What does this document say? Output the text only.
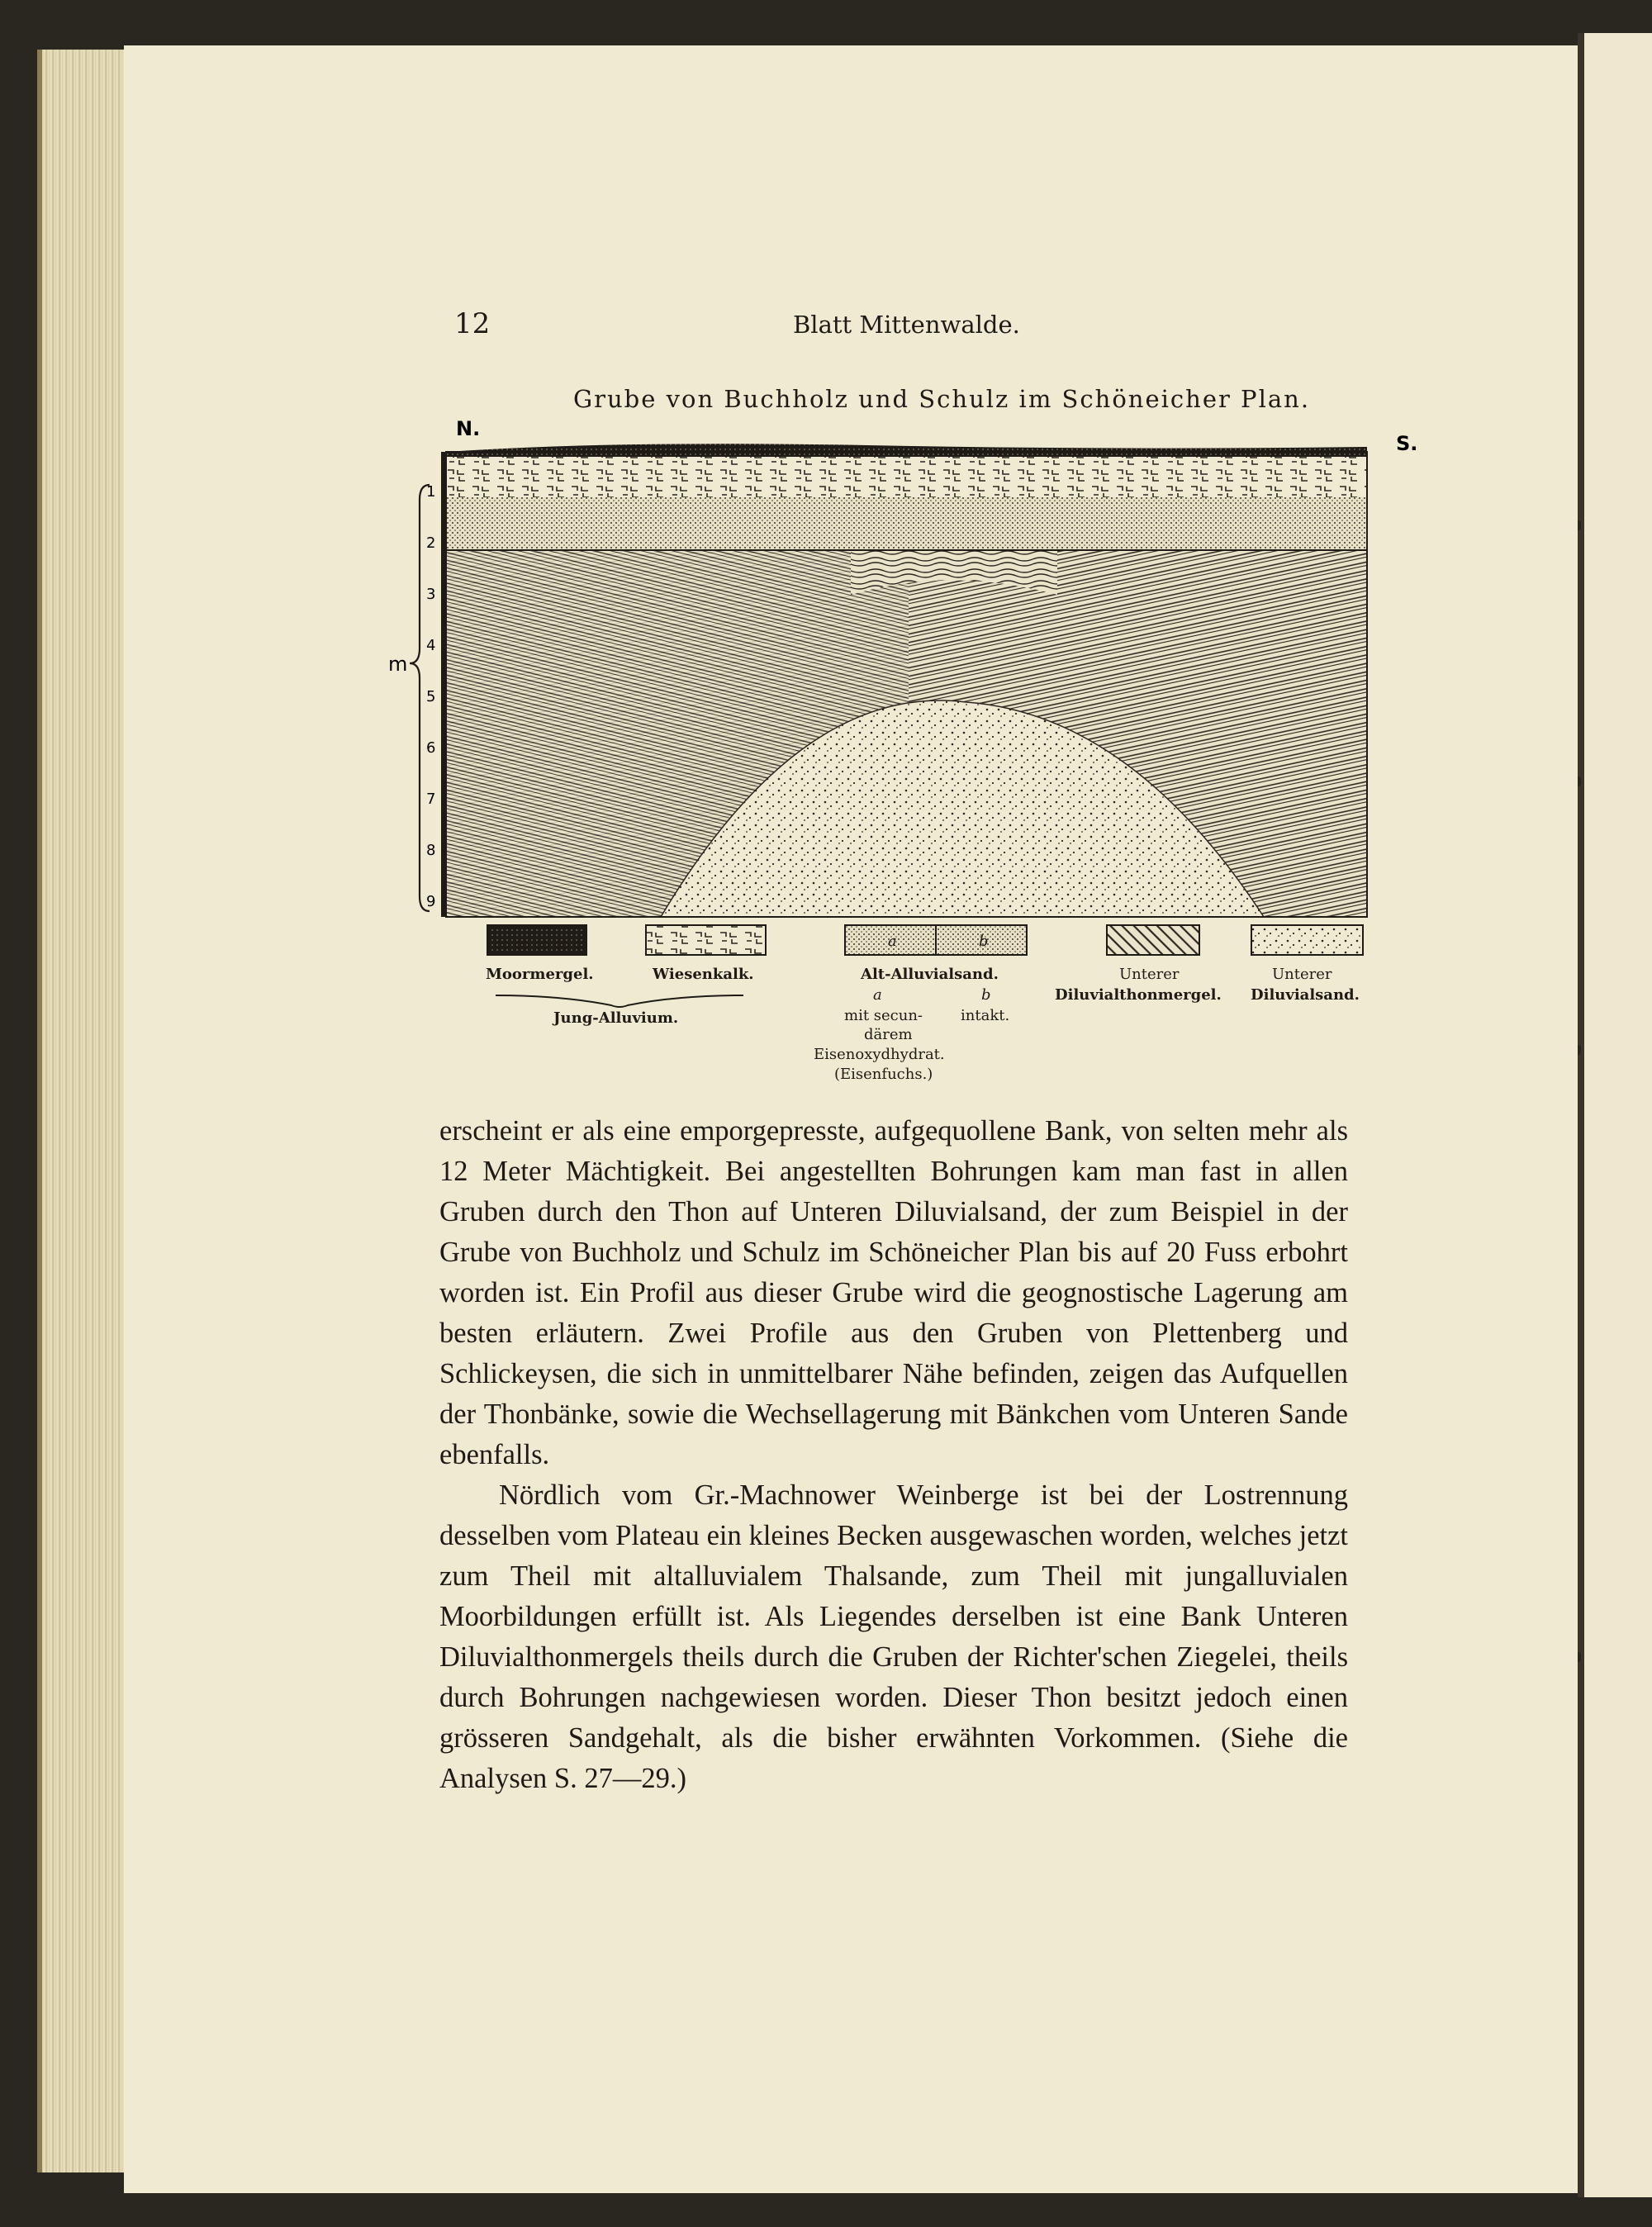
12	Blatt Mittenwalde.
Grube von Buchholz und Schulz im Schöneicher Plan.
N.
S.
m
1
2
3
4
5
6
7
8
9
Moormergel.	Wiesenkalk.
Jung-Alluvium.
a	b
Alt-Alluvialsand.
a	b
mit secun-	intakt.
därem
Eisenoxydhydrat.
(Eisenfuchs.)
Unterer
Diluvialthonmergel.
Unterer
Diluvialsand.

erscheint er als eine emporgepresste, aufgequollene Bank, von selten mehr als 12 Meter Mächtigkeit. Bei angestellten Bohrungen kam man fast in allen Gruben durch den Thon auf Unteren Diluvialsand, der zum Beispiel in der Grube von Buchholz und Schulz im Schöneicher Plan bis auf 20 Fuss erbohrt worden ist. Ein Profil aus dieser Grube wird die geognostische Lagerung am besten erläutern. Zwei Profile aus den Gruben von Plettenberg und Schlickeysen, die sich in unmittelbarer Nähe befinden, zeigen das Aufquellen der Thonbänke, sowie die Wechsellagerung mit Bänkchen vom Unteren Sande ebenfalls.

Nördlich vom Gr.-Machnower Weinberge ist bei der Lostrennung desselben vom Plateau ein kleines Becken ausgewaschen worden, welches jetzt zum Theil mit altalluvialem Thalsande, zum Theil mit jungalluvialen Moorbildungen erfüllt ist. Als Liegendes derselben ist eine Bank Unteren Diluvialthonmergels theils durch die Gruben der Richter'schen Ziegelei, theils durch Bohrungen nachgewiesen worden. Dieser Thon besitzt jedoch einen grösseren Sandgehalt, als die bisher erwähnten Vorkommen. (Siehe die Analysen S. 27—29.)
